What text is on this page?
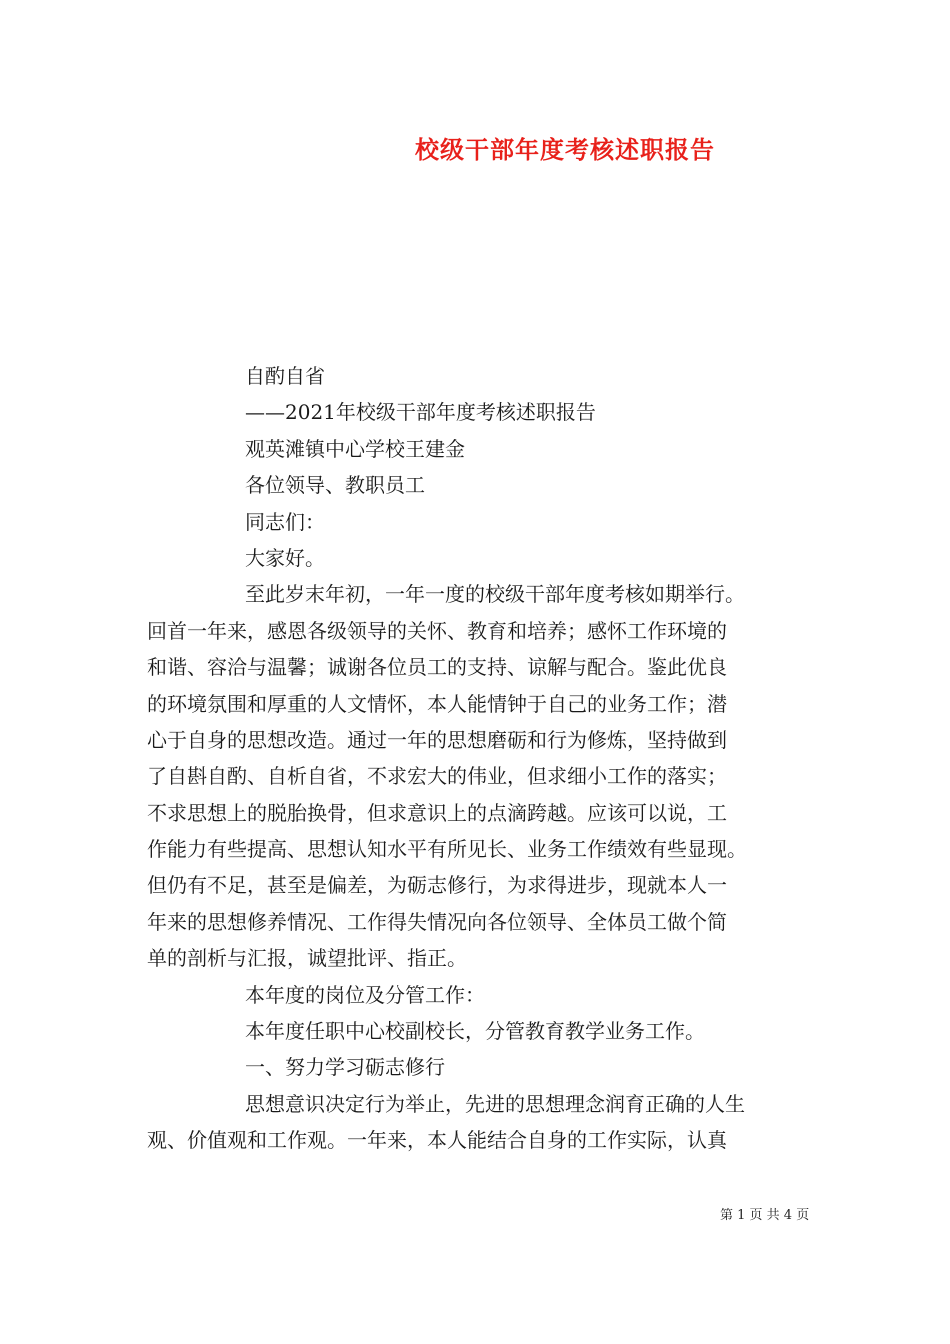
校级干部年度考核述职报告
自酌自省
——2021年校级干部年度考核述职报告
观英滩镇中心学校王建金
各位领导、教职员工
同志们：
大家好。
至此岁末年初，一年一度的校级干部年度考核如期举行。
回首一年来，感恩各级领导的关怀、教育和培养；感怀工作环境的
和谐、容洽与温馨；诚谢各位员工的支持、谅解与配合。鉴此优良
的环境氛围和厚重的人文情怀，本人能情钟于自己的业务工作；潜
心于自身的思想改造。通过一年的思想磨砺和行为修炼，坚持做到
了自斟自酌、自析自省，不求宏大的伟业，但求细小工作的落实；
不求思想上的脱胎换骨，但求意识上的点滴跨越。应该可以说，工
作能力有些提高、思想认知水平有所见长、业务工作绩效有些显现。
但仍有不足，甚至是偏差，为砺志修行，为求得进步，现就本人一
年来的思想修养情况、工作得失情况向各位领导、全体员工做个简
单的剖析与汇报，诚望批评、指正。
本年度的岗位及分管工作：
本年度任职中心校副校长，分管教育教学业务工作。
一、努力学习砺志修行
思想意识决定行为举止，先进的思想理念润育正确的人生
观、价值观和工作观。一年来，本人能结合自身的工作实际，认真
第 1 页 共 4 页
